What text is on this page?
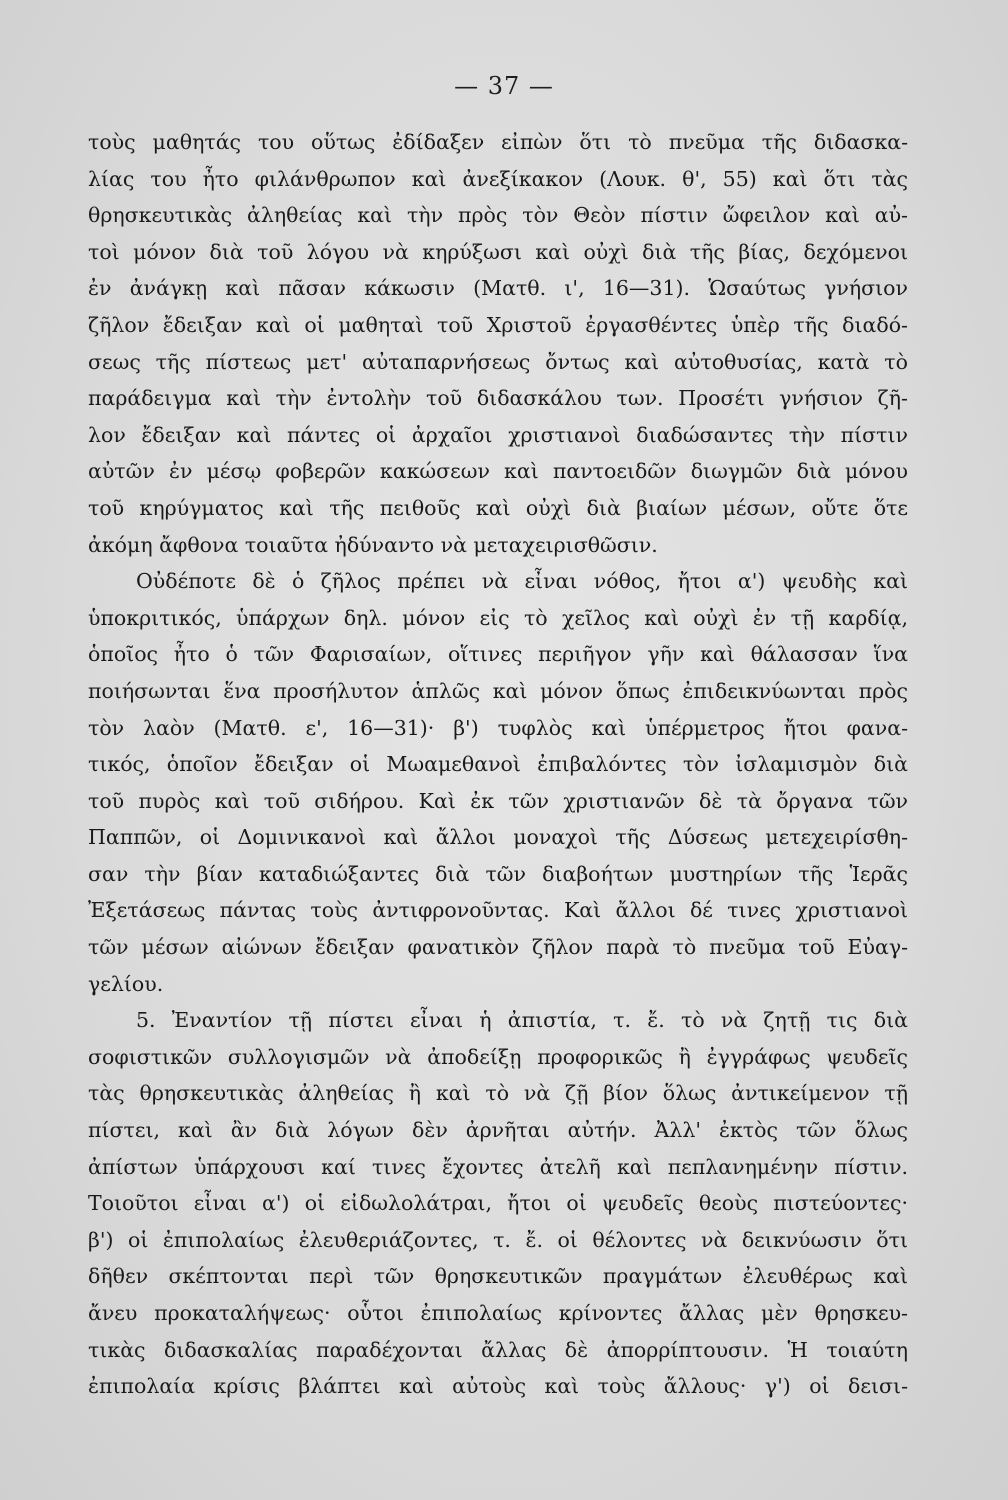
— 37 —
τοὺς μαθητάς του οὕτως ἐδίδαξεν εἰπὼν ὅτι τὸ πνεῦμα τῆς διδασκα-
λίας του ἦτο φιλάνθρωπον καὶ ἀνεξίκακον (Λουκ. θ', 55) καὶ ὅτι τὰς
θρησκευτικὰς ἀληθείας καὶ τὴν πρὸς τὸν Θεὸν πίστιν ὤφειλον καὶ αὐ-
τοὶ μόνον διὰ τοῦ λόγου νὰ κηρύξωσι καὶ οὐχὶ διὰ τῆς βίας, δεχόμενοι
ἐν ἀνάγκῃ καὶ πᾶσαν κάκωσιν (Ματθ. ι', 16—31). Ὡσαύτως γνήσιον
ζῆλον ἔδειξαν καὶ οἱ μαθηταὶ τοῦ Χριστοῦ ἐργασθέντες ὑπὲρ τῆς διαδό-
σεως τῆς πίστεως μετ' αὐταπαρνήσεως ὄντως καὶ αὐτοθυσίας, κατὰ τὸ
παράδειγμα καὶ τὴν ἐντολὴν τοῦ διδασκάλου των. Προσέτι γνήσιον ζῆ-
λον ἔδειξαν καὶ πάντες οἱ ἀρχαῖοι χριστιανοὶ διαδώσαντες τὴν πίστιν
αὐτῶν ἐν μέσῳ φοβερῶν κακώσεων καὶ παντοειδῶν διωγμῶν διὰ μόνου
τοῦ κηρύγματος καὶ τῆς πειθοῦς καὶ οὐχὶ διὰ βιαίων μέσων, οὔτε ὅτε
ἀκόμη ἄφθονα τοιαῦτα ἠδύναντο νὰ μεταχειρισθῶσιν.
Οὐδέποτε δὲ ὁ ζῆλος πρέπει νὰ εἶναι νόθος, ἤτοι α') ψευδὴς καὶ
ὑποκριτικός, ὑπάρχων δηλ. μόνον εἰς τὸ χεῖλος καὶ οὐχὶ ἐν τῇ καρδίᾳ,
ὁποῖος ἦτο ὁ τῶν Φαρισαίων, οἵτινες περιῆγον γῆν καὶ θάλασσαν ἵνα
ποιήσωνται ἕνα προσήλυτον ἁπλῶς καὶ μόνον ὅπως ἐπιδεικνύωνται πρὸς
τὸν λαὸν (Ματθ. ε', 16—31)· β') τυφλὸς καὶ ὑπέρμετρος ἤτοι φανα-
τικός, ὁποῖον ἔδειξαν οἱ Μωαμεθανοὶ ἐπιβαλόντες τὸν ἰσλαμισμὸν διὰ
τοῦ πυρὸς καὶ τοῦ σιδήρου. Καὶ ἐκ τῶν χριστιανῶν δὲ τὰ ὄργανα τῶν
Παππῶν, οἱ Δομινικανοὶ καὶ ἄλλοι μοναχοὶ τῆς Δύσεως μετεχειρίσθη-
σαν τὴν βίαν καταδιώξαντες διὰ τῶν διαβοήτων μυστηρίων τῆς Ἱερᾶς
Ἐξετάσεως πάντας τοὺς ἀντιφρονοῦντας. Καὶ ἄλλοι δέ τινες χριστιανοὶ
τῶν μέσων αἰώνων ἔδειξαν φανατικὸν ζῆλον παρὰ τὸ πνεῦμα τοῦ Εὐαγ-
γελίου.
5. Ἐναντίον τῇ πίστει εἶναι ἡ ἀπιστία, τ. ἔ. τὸ νὰ ζητῇ τις διὰ
σοφιστικῶν συλλογισμῶν νὰ ἀποδείξῃ προφορικῶς ἢ ἐγγράφως ψευδεῖς
τὰς θρησκευτικὰς ἀληθείας ἢ καὶ τὸ νὰ ζῇ βίον ὅλως ἀντικείμενον τῇ
πίστει, καὶ ἂν διὰ λόγων δὲν ἀρνῆται αὐτήν. Ἀλλ' ἐκτὸς τῶν ὅλως
ἀπίστων ὑπάρχουσι καί τινες ἔχοντες ἀτελῆ καὶ πεπλανημένην πίστιν.
Τοιοῦτοι εἶναι α') οἱ εἰδωλολάτραι, ἤτοι οἱ ψευδεῖς θεοὺς πιστεύοντες·
β') οἱ ἐπιπολαίως ἐλευθεριάζοντες, τ. ἔ. οἱ θέλοντες νὰ δεικνύωσιν ὅτι
δῆθεν σκέπτονται περὶ τῶν θρησκευτικῶν πραγμάτων ἐλευθέρως καὶ
ἄνευ προκαταλήψεως· οὗτοι ἐπιπολαίως κρίνοντες ἄλλας μὲν θρησκευ-
τικὰς διδασκαλίας παραδέχονται ἄλλας δὲ ἀπορρίπτουσιν. Ἡ τοιαύτη
ἐπιπολαία κρίσις βλάπτει καὶ αὐτοὺς καὶ τοὺς ἄλλους· γ') οἱ δεισι-
